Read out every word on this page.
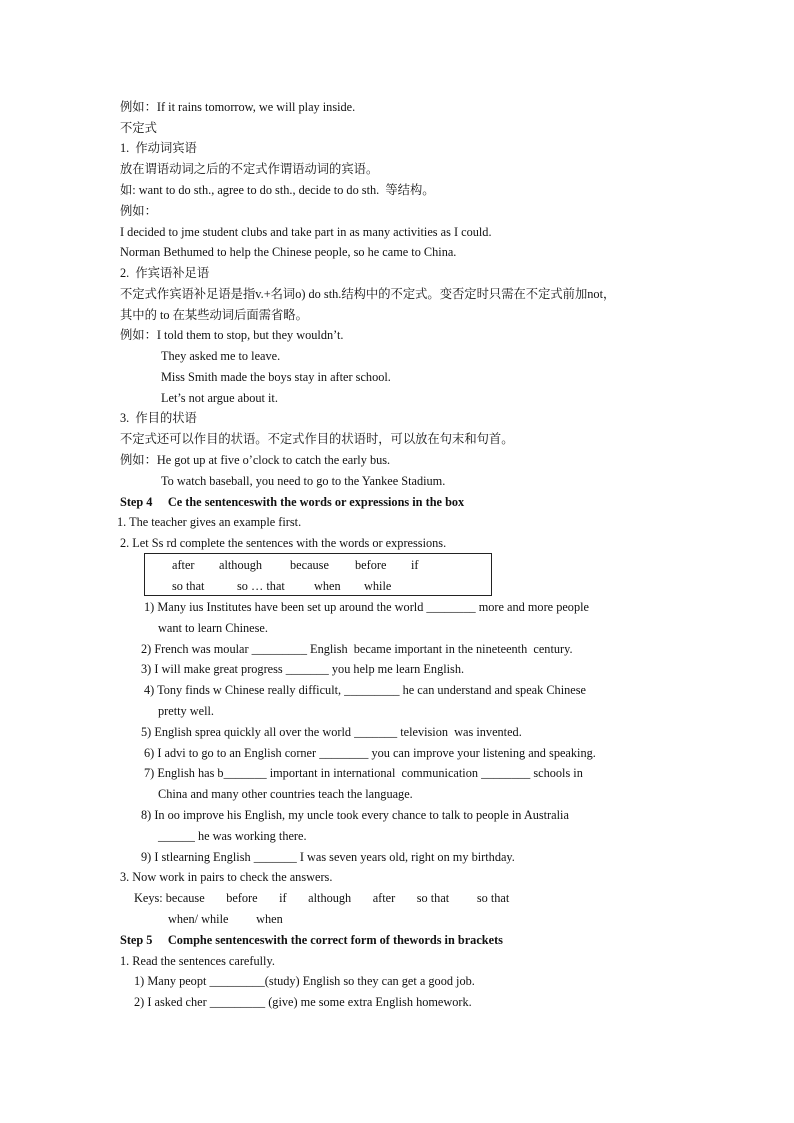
例如：If it rains tomorrow, we will play inside.
不定式
1.  作动词宾语
放在谓语动词之后的不定式作谓语动词的宾语。
如: want to do sth., agree to do sth., decide to do sth.  等结构。
例如：
I decided to jme student clubs and take part in as many activities as I could.
Norman Bethumed to help the Chinese people, so he came to China.
2.  作宾语补足语
不定式作宾语补足语是指v.+名词o) do sth.结构中的不定式。变否定时只需在不定式前加not，
其中的 to 在某些动词后面需省略。
例如：I told them to stop, but they wouldn’t.
They asked me to leave.
Miss Smith made the boys stay in after school.
Let’s not argue about it.
3.  作目的状语
不定式还可以作目的状语。不定式作目的状语时，可以放在句末和句首。
例如：He got up at five o’clock to catch the early bus.
To watch baseball, you need to go to the Yankee Stadium.
Step 4     Ce the sentenceswith the words or expressions in the box
1. The teacher gives an example first.
2. Let Ss rd complete the sentences with the words or expressions.
after although because before if
so that	so … that when while
1) Many ius Institutes have been set up around the world ________ more and more people
want to learn Chinese.
2) French was moular _________ English  became important in the nineteenth  century.
3) I will make great progress _______ you help me learn English.
4) Tony finds w Chinese really difficult, _________ he can understand and speak Chinese
pretty well.
5) English sprea quickly all over the world _______ television  was invented.
6) I advi to go to an English corner ________ you can improve your listening and speaking.
7) English has b_______ important in international  communication ________ schools in
China and many other countries teach the language.
8) In oo improve his English, my uncle took every chance to talk to people in Australia
______ he was working there.
9) I stlearning English _______ I was seven years old, right on my birthday.
3. Now work in pairs to check the answers.
Keys: because       before       if       although       after       so that         so that
when/ while         when
Step 5     Comphe sentenceswith the correct form of thewords in brackets
1. Read the sentences carefully.
1) Many peopt _________(study) English so they can get a good job.
2) I asked cher _________ (give) me some extra English homework.
